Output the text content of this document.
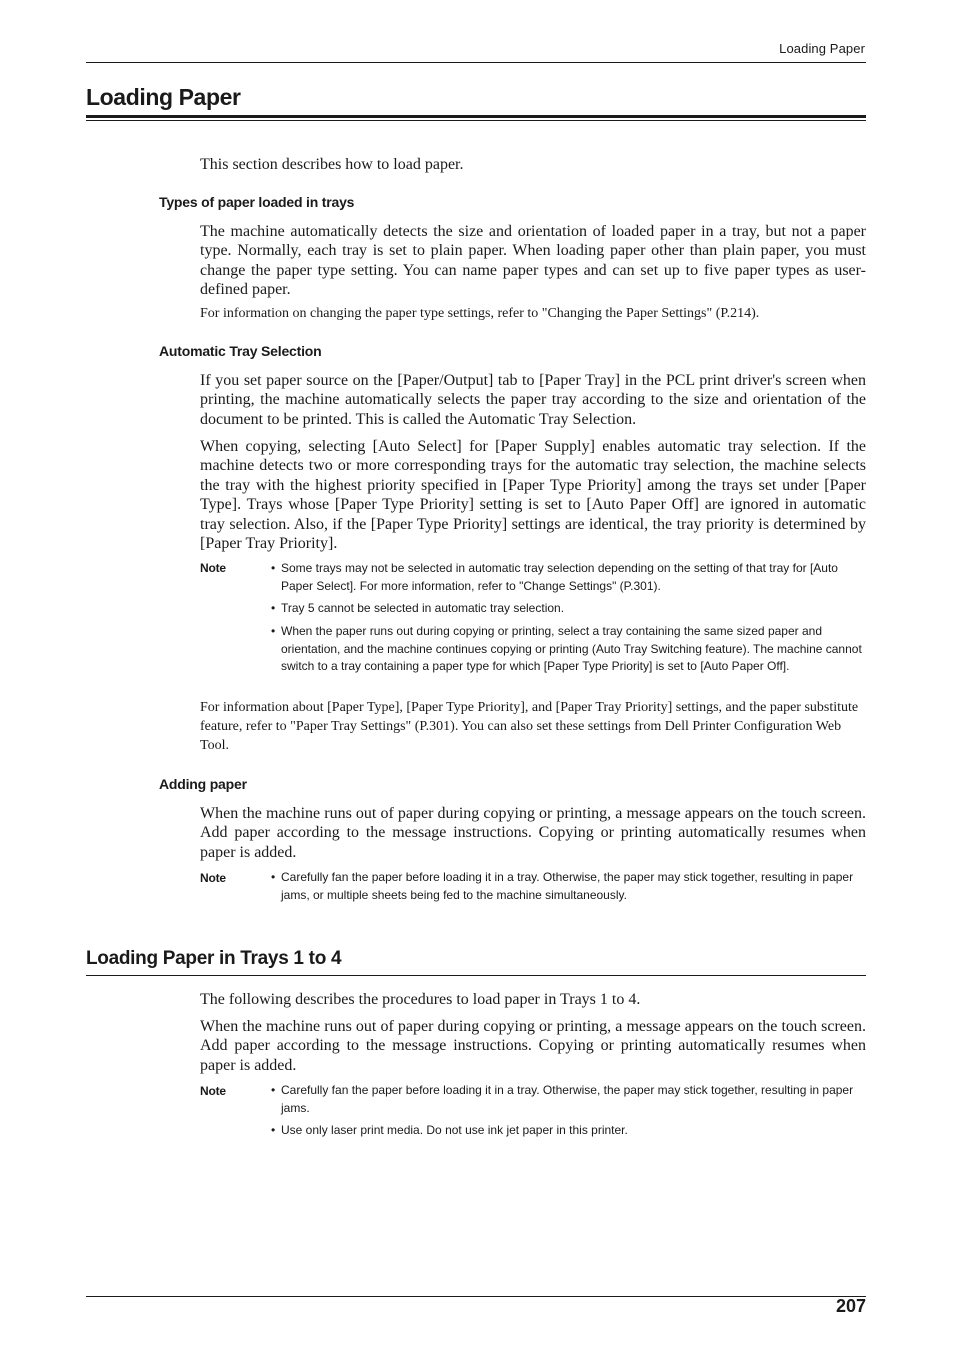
Loading Paper
Loading Paper
This section describes how to load paper.
Types of paper loaded in trays
The machine automatically detects the size and orientation of loaded paper in a tray, but not a paper type. Normally, each tray is set to plain paper. When loading paper other than plain paper, you must change the paper type setting. You can name paper types and can set up to five paper types as user-defined paper.
For information on changing the paper type settings, refer to "Changing the Paper Settings" (P.214).
Automatic Tray Selection
If you set paper source on the [Paper/Output] tab to [Paper Tray] in the PCL print driver's screen when printing, the machine automatically selects the paper tray according to the size and orientation of the document to be printed. This is called the Automatic Tray Selection.
When copying, selecting [Auto Select] for [Paper Supply] enables automatic tray selection. If the machine detects two or more corresponding trays for the automatic tray selection, the machine selects the tray with the highest priority specified in [Paper Type Priority] among the trays set under [Paper Type]. Trays whose [Paper Type Priority] setting is set to [Auto Paper Off] are ignored in automatic tray selection. Also, if the [Paper Type Priority] settings are identical, the tray priority is determined by [Paper Tray Priority].
Note	• Some trays may not be selected in automatic tray selection depending on the setting of that tray for [Auto Paper Select]. For more information, refer to "Change Settings" (P.301).
• Tray 5 cannot be selected in automatic tray selection.
• When the paper runs out during copying or printing, select a tray containing the same sized paper and orientation, and the machine continues copying or printing (Auto Tray Switching feature). The machine cannot switch to a tray containing a paper type for which [Paper Type Priority] is set to [Auto Paper Off].
For information about [Paper Type], [Paper Type Priority], and [Paper Tray Priority] settings, and the paper substitute feature, refer to "Paper Tray Settings" (P.301). You can also set these settings from Dell Printer Configuration Web Tool.
Adding paper
When the machine runs out of paper during copying or printing, a message appears on the touch screen. Add paper according to the message instructions. Copying or printing automatically resumes when paper is added.
Note	• Carefully fan the paper before loading it in a tray. Otherwise, the paper may stick together, resulting in paper jams, or multiple sheets being fed to the machine simultaneously.
Loading Paper in Trays 1 to 4
The following describes the procedures to load paper in Trays 1 to 4.
When the machine runs out of paper during copying or printing, a message appears on the touch screen. Add paper according to the message instructions. Copying or printing automatically resumes when paper is added.
Note	• Carefully fan the paper before loading it in a tray. Otherwise, the paper may stick together, resulting in paper jams.
• Use only laser print media. Do not use ink jet paper in this printer.
207
